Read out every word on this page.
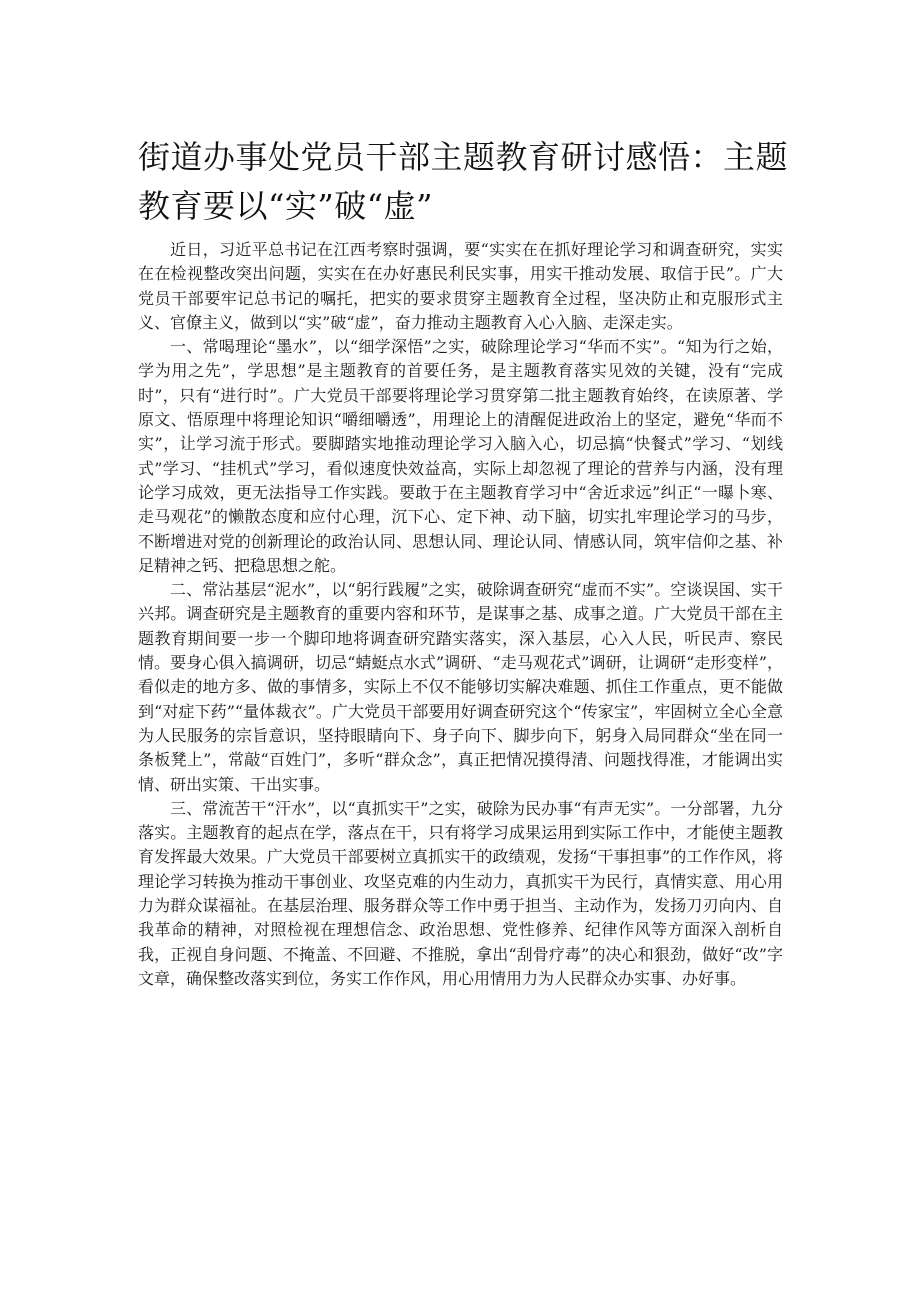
街道办事处党员干部主题教育研讨感悟：主题教育要以“实”破“虚”

近日，习近平总书记在江西考察时强调，要“实实在在抓好理论学习和调查研究，实实在在检视整改突出问题，实实在在办好惠民利民实事，用实干推动发展、取信于民”。广大党员干部要牢记总书记的嘱托，把实的要求贯穿主题教育全过程，坚决防止和克服形式主义、官僚主义，做到以“实”破“虚”，奋力推动主题教育入心入脑、走深走实。

一、常喝理论“墨水”，以“细学深悟”之实，破除理论学习“华而不实”。“知为行之始，学为用之先”，学思想”是主题教育的首要任务，是主题教育落实见效的关键，没有“完成时”，只有“进行时”。广大党员干部要将理论学习贯穿第二批主题教育始终，在读原著、学原文、悟原理中将理论知识“嚼细嚼透”，用理论上的清醒促进政治上的坚定，避免“华而不实”，让学习流于形式。要脚踏实地推动理论学习入脑入心，切忌搞“快餐式”学习、“划线式”学习、“挂机式”学习，看似速度快效益高，实际上却忽视了理论的营养与内涵，没有理论学习成效，更无法指导工作实践。要敢于在主题教育学习中“舍近求远”纠正“一曝卜寒、走马观花”的懒散态度和应付心理，沉下心、定下神、动下脑，切实扎牢理论学习的马步，不断增进对党的创新理论的政治认同、思想认同、理论认同、情感认同，筑牢信仰之基、补足精神之钙、把稳思想之舵。

二、常沾基层“泥水”，以“躬行践履”之实，破除调查研究“虚而不实”。空谈误国、实干兴邦。调查研究是主题教育的重要内容和环节，是谋事之基、成事之道。广大党员干部在主题教育期间要一步一个脚印地将调查研究踏实落实，深入基层，心入人民，听民声、察民情。要身心俱入搞调研，切忌“蜻蜓点水式”调研、“走马观花式”调研，让调研“走形变样”，看似走的地方多、做的事情多，实际上不仅不能够切实解决难题、抓住工作重点，更不能做到“对症下药”“量体裁衣”。广大党员干部要用好调查研究这个“传家宝”，牢固树立全心全意为人民服务的宗旨意识，坚持眼睛向下、身子向下、脚步向下，躬身入局同群众“坐在同一条板凳上”，常敲“百姓门”，多听“群众念”，真正把情况摸得清、问题找得准，才能调出实情、研出实策、干出实事。

三、常流苦干“汗水”，以“真抓实干”之实，破除为民办事“有声无实”。一分部署，九分落实。主题教育的起点在学，落点在干，只有将学习成果运用到实际工作中，才能使主题教育发挥最大效果。广大党员干部要树立真抓实干的政绩观，发扬“干事担事”的工作作风，将理论学习转换为推动干事创业、攻坚克难的内生动力，真抓实干为民行，真情实意、用心用力为群众谋福祉。在基层治理、服务群众等工作中勇于担当、主动作为，发扬刀刃向内、自我革命的精神，对照检视在理想信念、政治思想、党性修养、纪律作风等方面深入剖析自我，正视自身问题、不掩盖、不回避、不推脱，拿出“刮骨疗毒”的决心和狠劲，做好“改”字文章，确保整改落实到位，务实工作作风，用心用情用力为人民群众办实事、办好事。
